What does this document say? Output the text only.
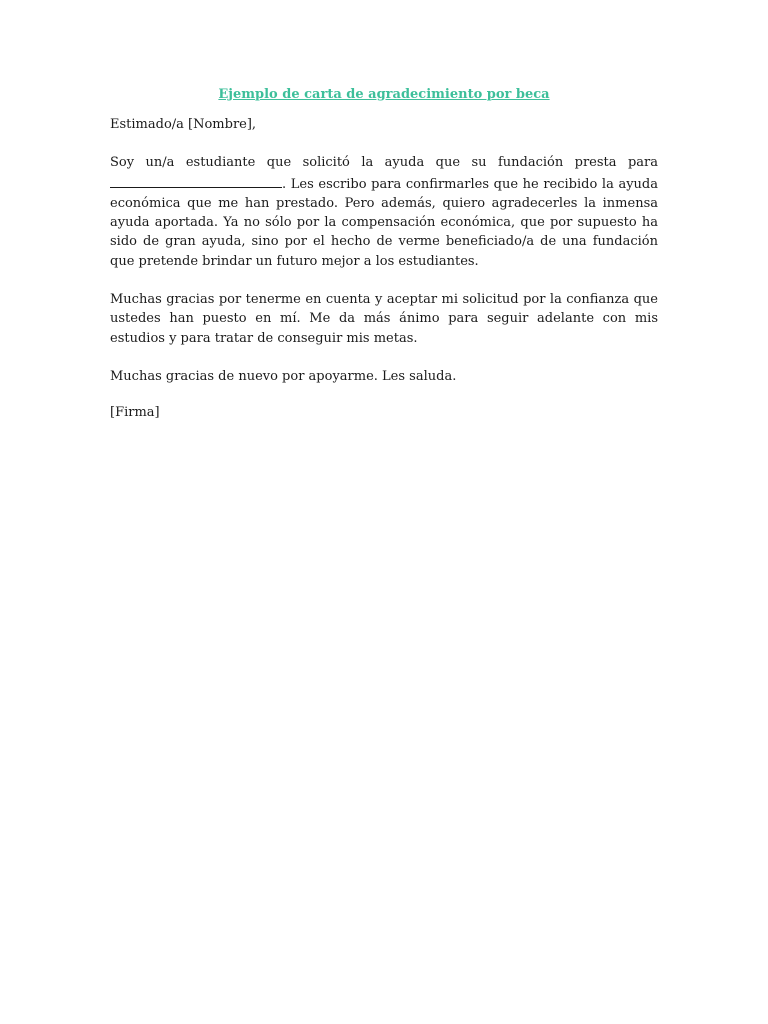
Ejemplo de carta de agradecimiento por beca

Estimado/a [Nombre],

Soy un/a estudiante que solicitó la ayuda que su fundación presta para . Les escribo para confirmarles que he recibido la ayuda económica que me han prestado. Pero además, quiero agradecerles la inmensa ayuda aportada. Ya no sólo por la compensación económica, que por supuesto ha sido de gran ayuda, sino por el hecho de verme beneficiado/a de una fundación que pretende brindar un futuro mejor a los estudiantes.

Muchas gracias por tenerme en cuenta y aceptar mi solicitud por la confianza que ustedes han puesto en mí. Me da más ánimo para seguir adelante con mis estudios y para tratar de conseguir mis metas.

Muchas gracias de nuevo por apoyarme. Les saluda.

[Firma]
